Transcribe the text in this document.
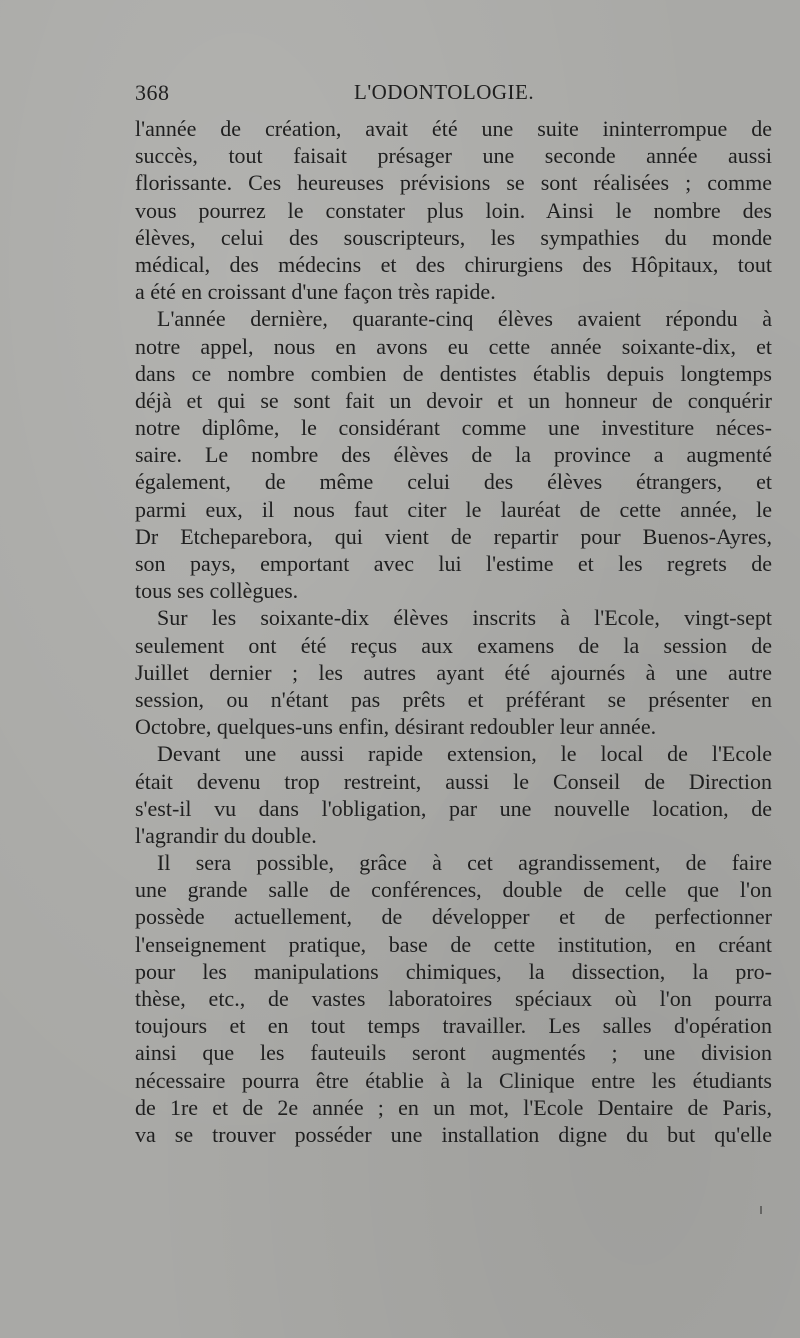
368	L'ODONTOLOGIE.
l'année de création, avait été une suite ininterrompue de
succès, tout faisait présager une seconde année aussi
florissante. Ces heureuses prévisions se sont réalisées ; comme
vous pourrez le constater plus loin. Ainsi le nombre des
élèves, celui des souscripteurs, les sympathies du monde
médical, des médecins et des chirurgiens des Hôpitaux, tout
a été en croissant d'une façon très rapide.
L'année dernière, quarante-cinq élèves avaient répondu à
notre appel, nous en avons eu cette année soixante-dix, et
dans ce nombre combien de dentistes établis depuis longtemps
déjà et qui se sont fait un devoir et un honneur de conquérir
notre diplôme, le considérant comme une investiture néces-
saire. Le nombre des élèves de la province a augmenté
également, de même celui des élèves étrangers, et
parmi eux, il nous faut citer le lauréat de cette année, le
Dr Etcheparebora, qui vient de repartir pour Buenos-Ayres,
son pays, emportant avec lui l'estime et les regrets de
tous ses collègues.
Sur les soixante-dix élèves inscrits à l'Ecole, vingt-sept
seulement ont été reçus aux examens de la session de
Juillet dernier ; les autres ayant été ajournés à une autre
session, ou n'étant pas prêts et préférant se présenter en
Octobre, quelques-uns enfin, désirant redoubler leur année.
Devant une aussi rapide extension, le local de l'Ecole
était devenu trop restreint, aussi le Conseil de Direction
s'est-il vu dans l'obligation, par une nouvelle location, de
l'agrandir du double.
Il sera possible, grâce à cet agrandissement, de faire
une grande salle de conférences, double de celle que l'on
possède actuellement, de développer et de perfectionner
l'enseignement pratique, base de cette institution, en créant
pour les manipulations chimiques, la dissection, la pro-
thèse, etc., de vastes laboratoires spéciaux où l'on pourra
toujours et en tout temps travailler. Les salles d'opération
ainsi que les fauteuils seront augmentés ; une division
nécessaire pourra être établie à la Clinique entre les étudiants
de 1re et de 2e année ; en un mot, l'Ecole Dentaire de Paris,
va se trouver posséder une installation digne du but qu'elle
